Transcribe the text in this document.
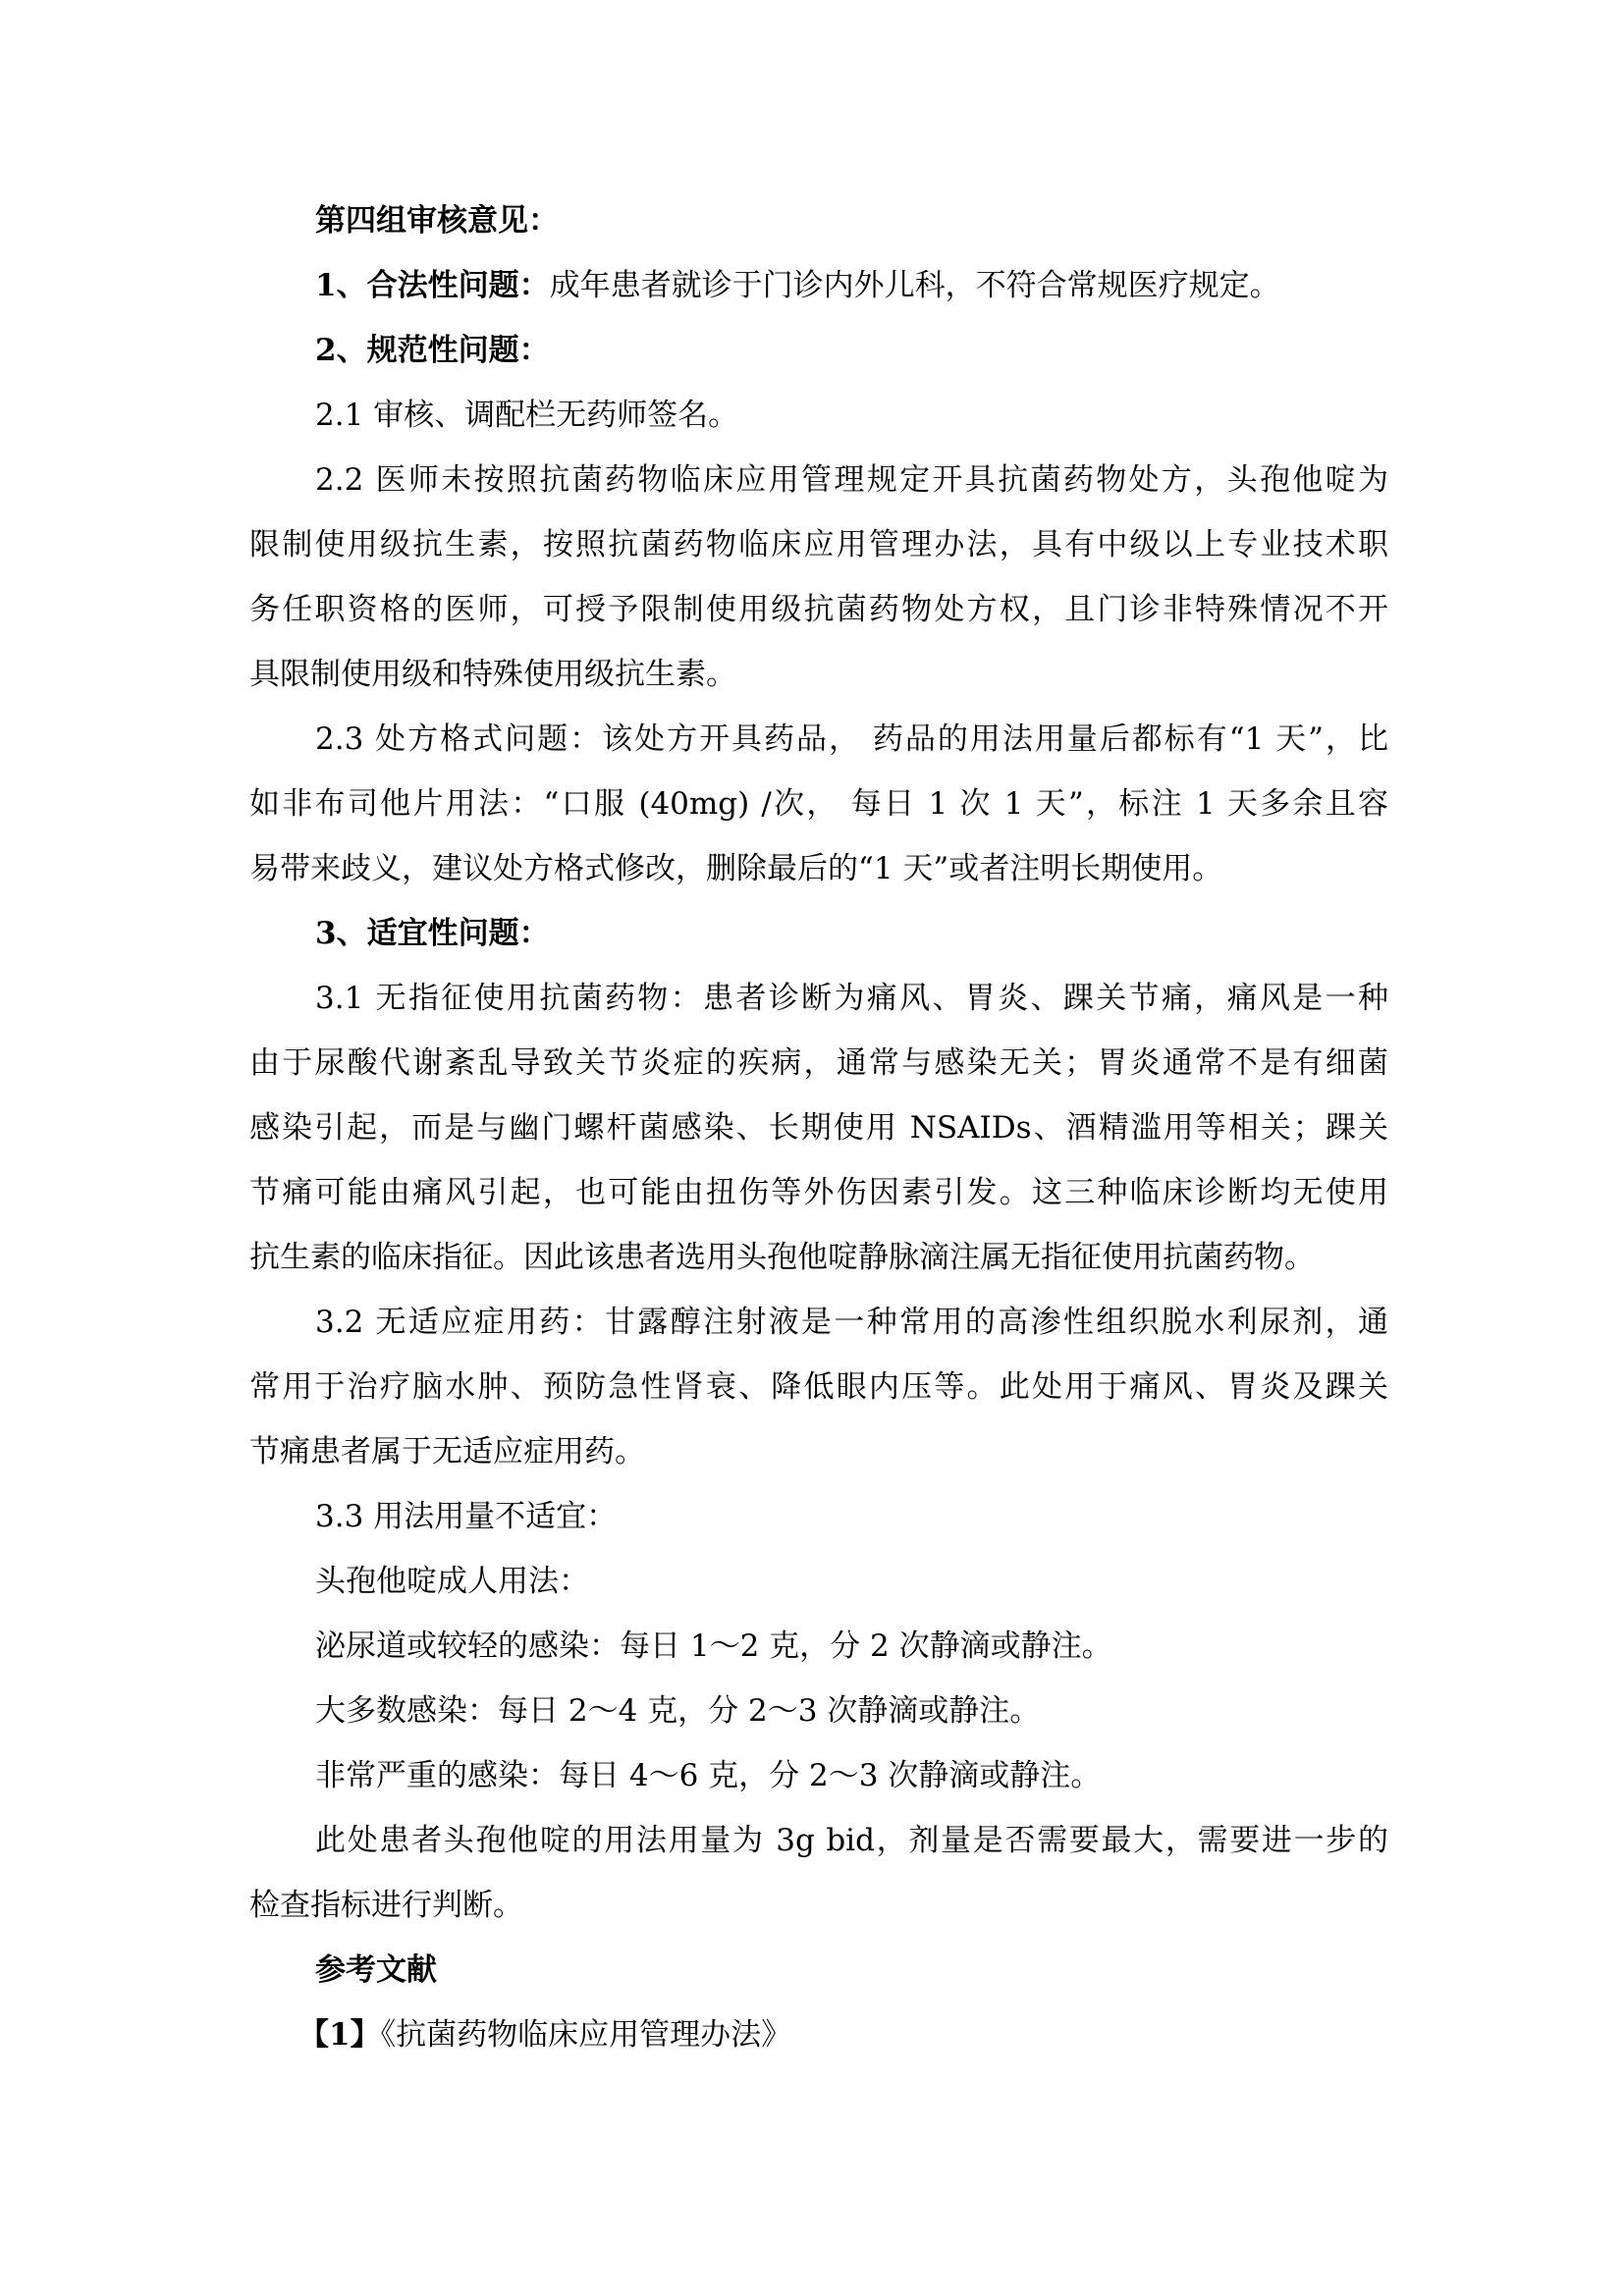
第四组审核意见：
1、合法性问题：成年患者就诊于门诊内外儿科，不符合常规医疗规定。
2、规范性问题：
2.1 审核、调配栏无药师签名。
2.2 医师未按照抗菌药物临床应用管理规定开具抗菌药物处方，头孢他啶为
限制使用级抗生素，按照抗菌药物临床应用管理办法，具有中级以上专业技术职
务任职资格的医师，可授予限制使用级抗菌药物处方权，且门诊非特殊情况不开
具限制使用级和特殊使用级抗生素。
2.3 处方格式问题：该处方开具药品， 药品的用法用量后都标有“1 天”，比
如非布司他片用法：“口服 (40mg) /次， 每日 1 次 1 天”，标注 1 天多余且容
易带来歧义，建议处方格式修改，删除最后的“1 天”或者注明长期使用。
3、适宜性问题：
3.1 无指征使用抗菌药物：患者诊断为痛风、胃炎、踝关节痛，痛风是一种
由于尿酸代谢紊乱导致关节炎症的疾病，通常与感染无关；胃炎通常不是有细菌
感染引起，而是与幽门螺杆菌感染、长期使用 NSAIDs、酒精滥用等相关；踝关
节痛可能由痛风引起，也可能由扭伤等外伤因素引发。这三种临床诊断均无使用
抗生素的临床指征。因此该患者选用头孢他啶静脉滴注属无指征使用抗菌药物。
3.2 无适应症用药：甘露醇注射液是一种常用的高渗性组织脱水利尿剂，通
常用于治疗脑水肿、预防急性肾衰、降低眼内压等。此处用于痛风、胃炎及踝关
节痛患者属于无适应症用药。
3.3 用法用量不适宜：
头孢他啶成人用法：
泌尿道或较轻的感染：每日 1～2 克，分 2 次静滴或静注。
大多数感染：每日 2～4 克，分 2～3 次静滴或静注。
非常严重的感染：每日 4～6 克，分 2～3 次静滴或静注。
此处患者头孢他啶的用法用量为 3g bid，剂量是否需要最大，需要进一步的
检查指标进行判断。
参考文献
【1】《抗菌药物临床应用管理办法》
